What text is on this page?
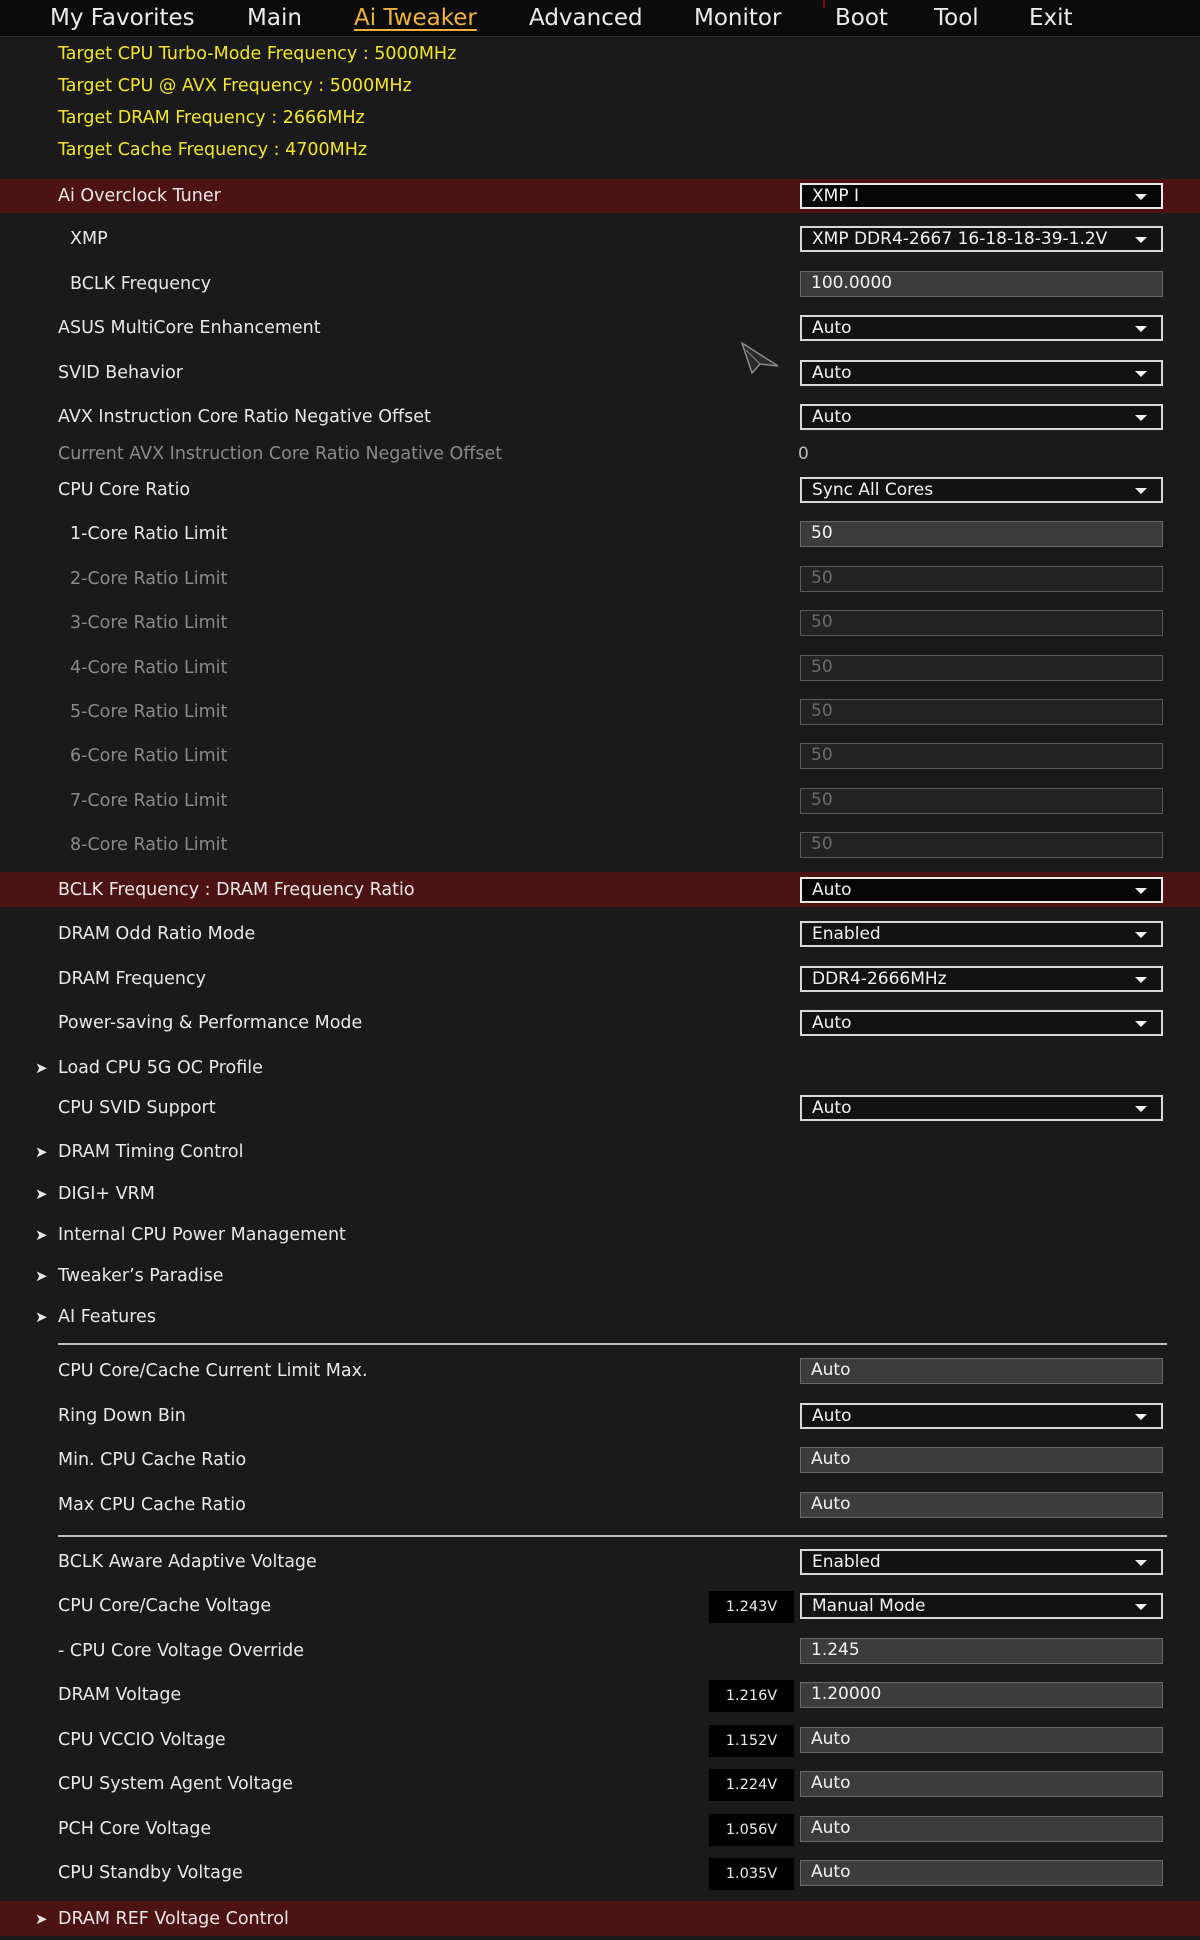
My Favorites Main Ai Tweaker Advanced Monitor Boot Tool Exit
Target CPU Turbo-Mode Frequency : 5000MHz
Target CPU @ AVX Frequency : 5000MHz
Target DRAM Frequency : 2666MHz
Target Cache Frequency : 4700MHz
Ai Overclock Tuner	XMP I
XMP	XMP DDR4-2667 16-18-18-39-1.2V
BCLK Frequency	100.0000
ASUS MultiCore Enhancement	Auto
SVID Behavior	Auto
AVX Instruction Core Ratio Negative Offset	Auto
Current AVX Instruction Core Ratio Negative Offset	0
CPU Core Ratio	Sync All Cores
1-Core Ratio Limit	50
2-Core Ratio Limit	50
3-Core Ratio Limit	50
4-Core Ratio Limit	50
5-Core Ratio Limit	50
6-Core Ratio Limit	50
7-Core Ratio Limit	50
8-Core Ratio Limit	50
BCLK Frequency : DRAM Frequency Ratio	Auto
DRAM Odd Ratio Mode	Enabled
DRAM Frequency	DDR4-2666MHz
Power-saving & Performance Mode	Auto
➤ Load CPU 5G OC Profile
CPU SVID Support	Auto
➤ DRAM Timing Control
➤ DIGI+ VRM
➤ Internal CPU Power Management
➤ Tweaker’s Paradise
➤ AI Features
CPU Core/Cache Current Limit Max.	Auto
Ring Down Bin	Auto
Min. CPU Cache Ratio	Auto
Max CPU Cache Ratio	Auto
BCLK Aware Adaptive Voltage	Enabled
CPU Core/Cache Voltage	1.243V	Manual Mode
- CPU Core Voltage Override	1.245
DRAM Voltage	1.216V	1.20000
CPU VCCIO Voltage	1.152V	Auto
CPU System Agent Voltage	1.224V	Auto
PCH Core Voltage	1.056V	Auto
CPU Standby Voltage	1.035V	Auto
➤ DRAM REF Voltage Control
